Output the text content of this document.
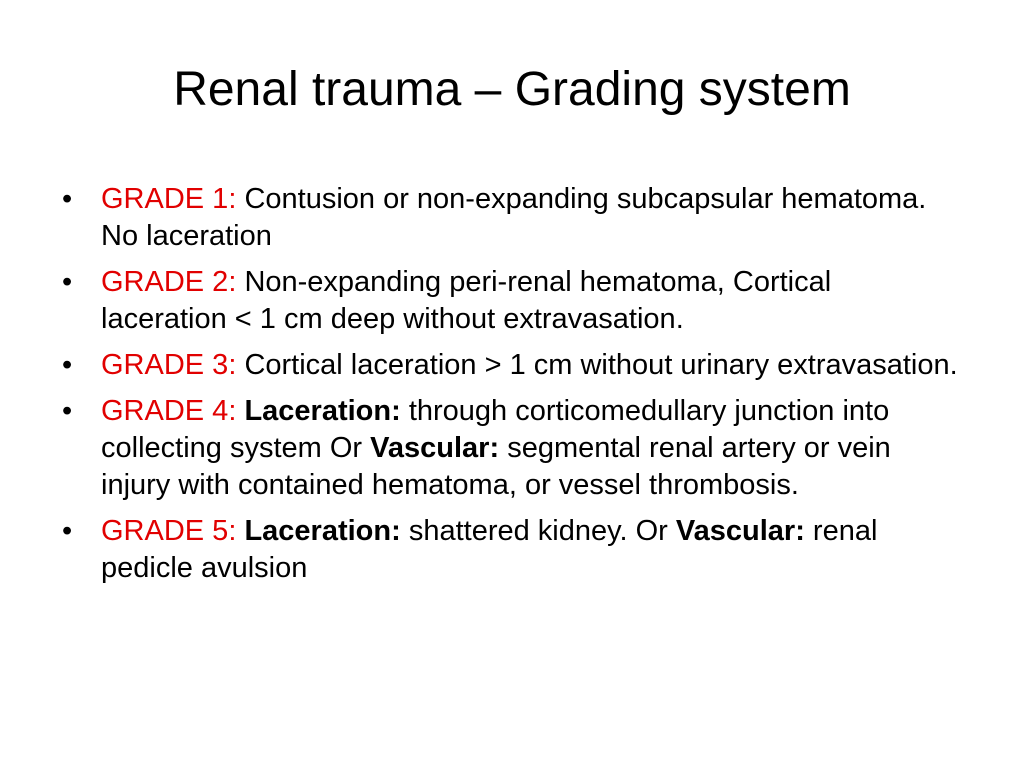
Renal trauma – Grading system
• GRADE 1: Contusion or non-expanding subcapsular hematoma. No laceration
• GRADE 2: Non-expanding peri-renal hematoma, Cortical laceration < 1 cm deep without extravasation.
• GRADE 3: Cortical laceration > 1 cm without urinary extravasation.
• GRADE 4: Laceration: through corticomedullary junction into collecting system Or Vascular: segmental renal artery or vein injury with contained hematoma, or vessel thrombosis.
• GRADE 5: Laceration: shattered kidney. Or Vascular: renal pedicle avulsion
